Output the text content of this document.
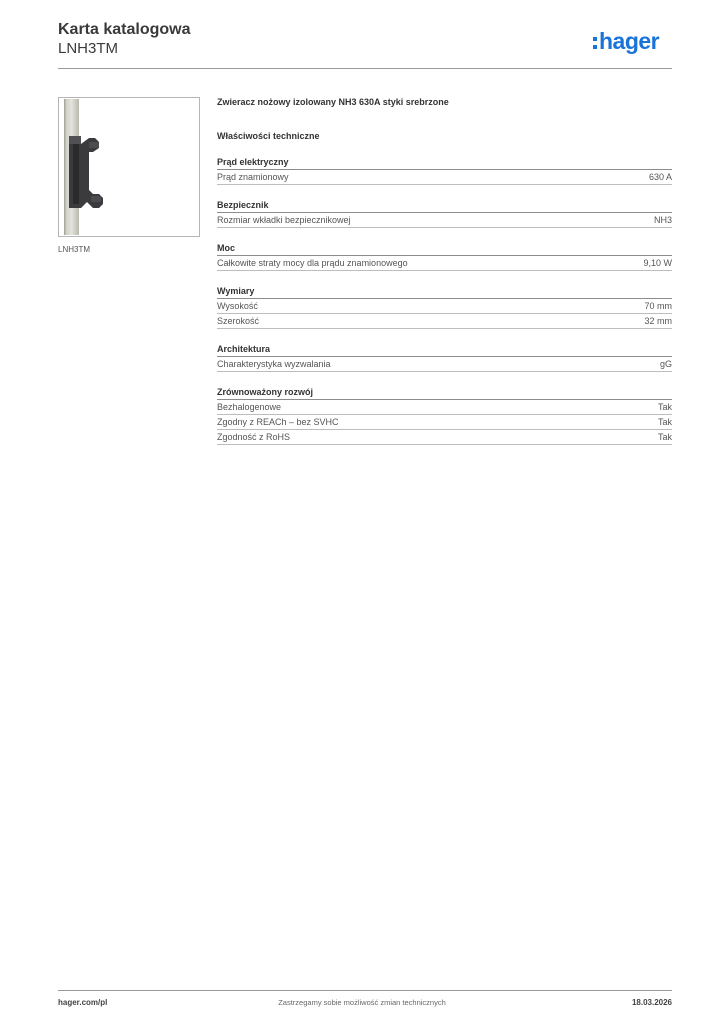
Karta katalogowa
LNH3TM	hager
LNH3TM
Zwieracz nożowy izolowany NH3 630A styki srebrzone
Właściwości techniczne
Prąd elektryczny
Prąd znamionowy	630 A
Bezpiecznik
Rozmiar wkładki bezpiecznikowej	NH3
Moc
Całkowite straty mocy dla prądu znamionowego	9,10 W
Wymiary
Wysokość	70 mm
Szerokość	32 mm
Architektura
Charakterystyka wyzwalania	gG
Zrównoważony rozwój
Bezhalogenowe	Tak
Zgodny z REACh – bez SVHC	Tak
Zgodność z RoHS	Tak
hager.com/pl	Zastrzegamy sobie możliwość zmian technicznych	18.03.2026
